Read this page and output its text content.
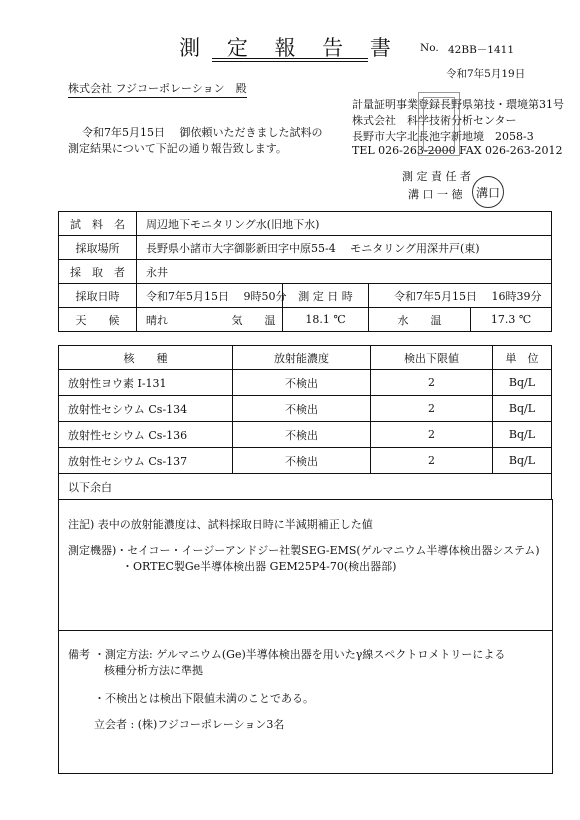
測 定 報 告 書	No. 42BB－1411
令和7年5月19日
株式会社 フジコーポレーション　殿
令和7年5月15日　 御依頼いただきました試料の
測定結果について下記の通り報告致します。
計量証明事業登録長野県第技・環境第31号
株式会社　科学技術分析センター
長野市大字北長池字新地境　2058-3
TEL 026-263-2000 FAX 026-263-2012
測 定 責 任 者
溝 口 一 徳	溝口
試　料　名	周辺地下モニタリング水(旧地下水)
採取場所	長野県小諸市大字御影新田字中原55-4　 モニタリング用深井戸(東)
採　取　者	永井
採取日時	令和7年5月15日　 9時50分	測 定 日 時	令和7年5月15日　 16時39分
天　　候	晴れ	気　　温	18.1 ℃	水　　温	17.3 ℃
核　　種	放射能濃度	検出下限値	単　位
放射性ヨウ素 I-131	不検出	2	Bq/L
放射性セシウム Cs-134	不検出	2	Bq/L
放射性セシウム Cs-136	不検出	2	Bq/L
放射性セシウム Cs-137	不検出	2	Bq/L
以下余白
注記) 表中の放射能濃度は、試料採取日時に半減期補正した値
測定機器)・セイコー・イージーアンドジー社製SEG-EMS(ゲルマニウム半導体検出器システム)
・ORTEC製Ge半導体検出器 GEM25P4-70(検出器部)
備考 ・測定方法: ゲルマニウム(Ge)半導体検出器を用いたγ線スペクトロメトリーによる
核種分析方法に準拠
・不検出とは検出下限値未満のことである。
立会者 : (株)フジコーポレーション3名
